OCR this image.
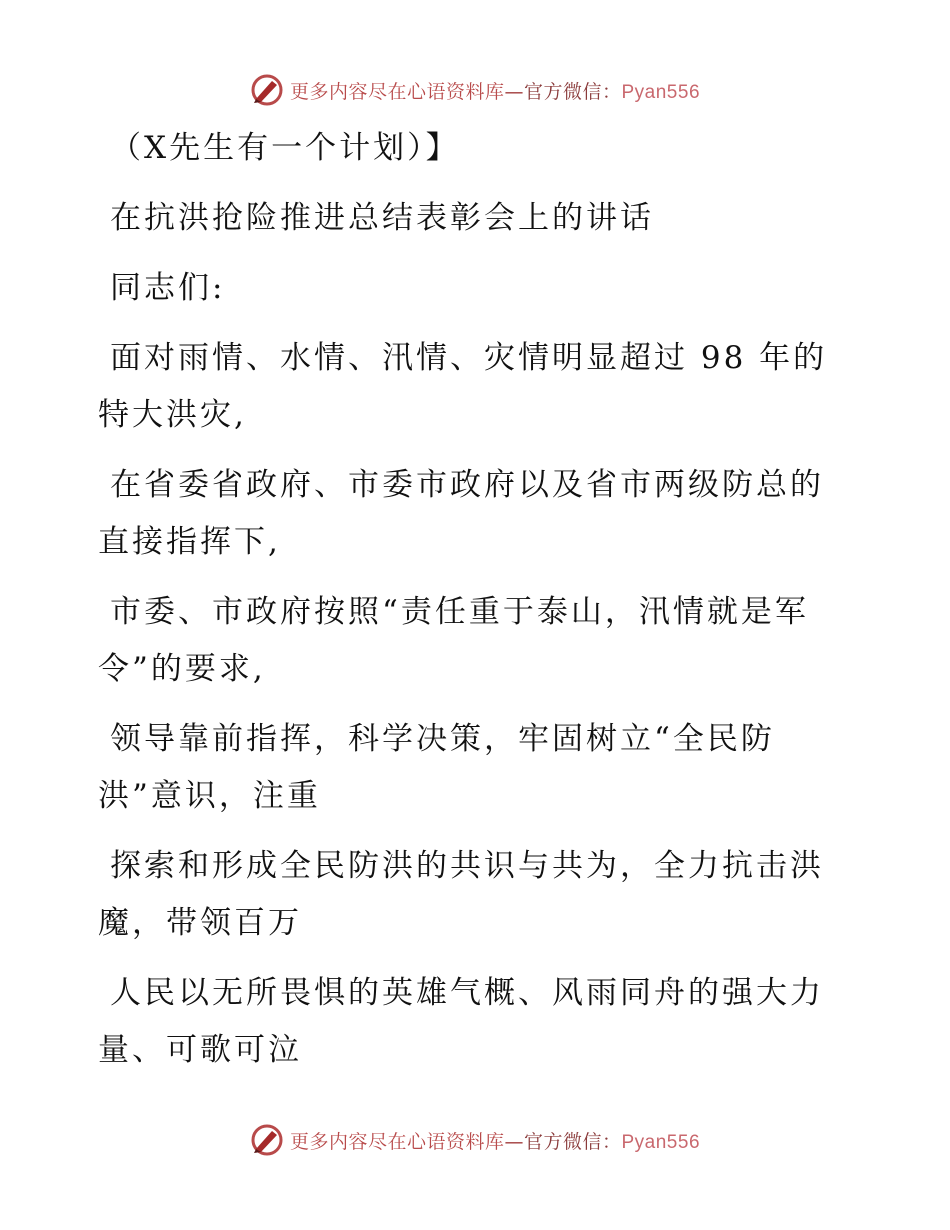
更多内容尽在心语资料库—官方微信：Pyan556

（X先生有一个计划）】

在抗洪抢险推进总结表彰会上的讲话

同志们:

面对雨情、水情、汛情、灾情明显超过 98 年的

特大洪灾,

在省委省政府、市委市政府以及省市两级防总的

直接指挥下,

市委、市政府按照“责任重于泰山，汛情就是军

令”的要求,

领导靠前指挥，科学决策，牢固树立“全民防

洪”意识，注重

探索和形成全民防洪的共识与共为，全力抗击洪

魔，带领百万

人民以无所畏惧的英雄气概、风雨同舟的强大力

量、可歌可泣

更多内容尽在心语资料库—官方微信：Pyan556
